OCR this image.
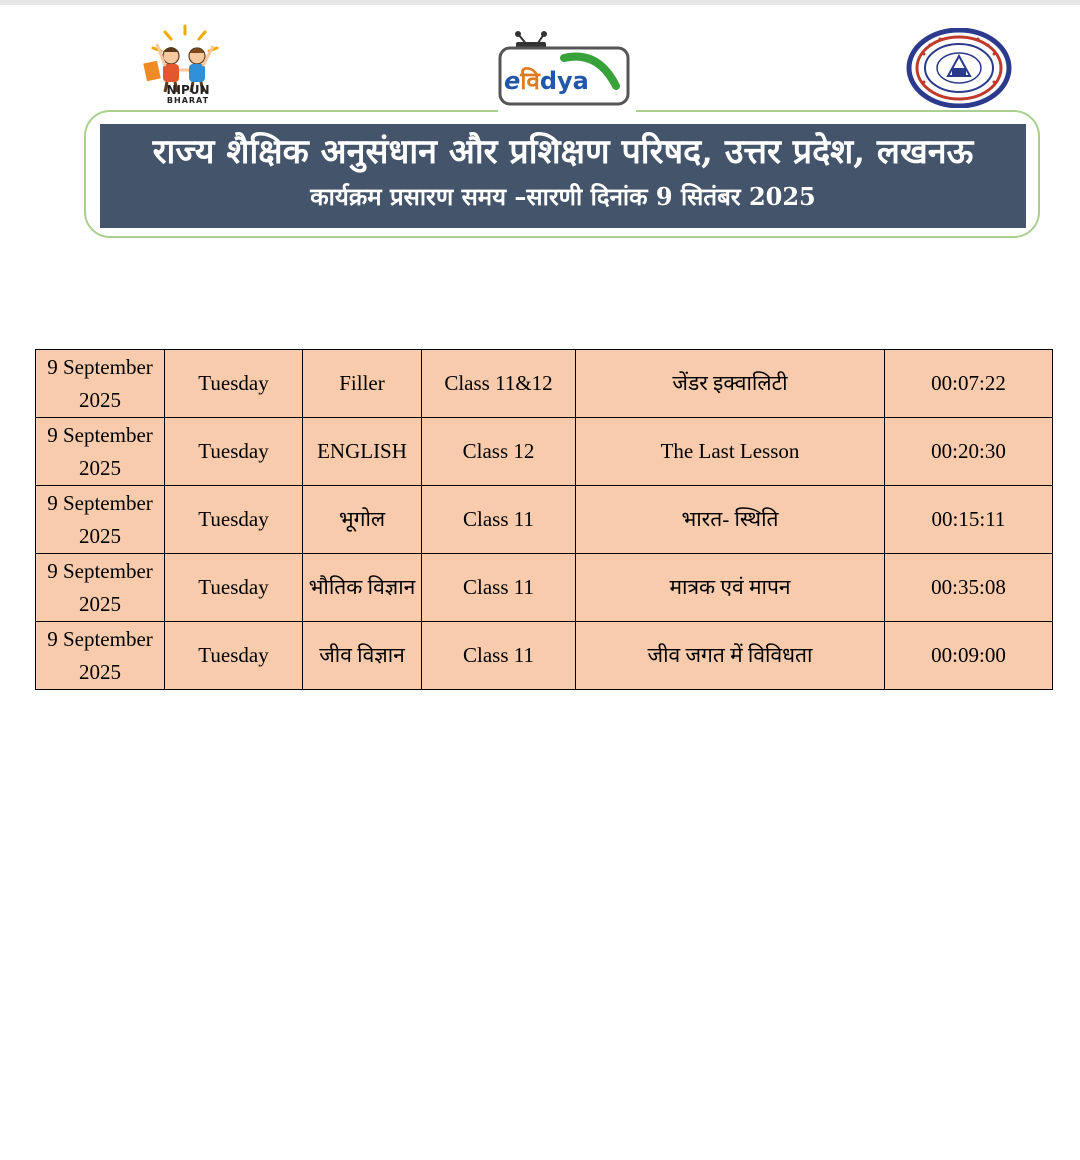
NIPUN
BHARAT
eविdya
राज्य शैक्षिक अनुसंधान और प्रशिक्षण परिषद, उत्तर प्रदेश, लखनऊ
कार्यक्रम प्रसारण समय –सारणी दिनांक 9 सितंबर 2025
9 September 2025	Tuesday	Filler	Class 11&12	जेंडर इक्वालिटी	00:07:22
9 September 2025	Tuesday	ENGLISH	Class 12	The Last Lesson	00:20:30
9 September 2025	Tuesday	भूगोल	Class 11	भारत- स्थिति	00:15:11
9 September 2025	Tuesday	भौतिक विज्ञान	Class 11	मात्रक एवं मापन	00:35:08
9 September 2025	Tuesday	जीव विज्ञान	Class 11	जीव जगत में विविधता	00:09:00
